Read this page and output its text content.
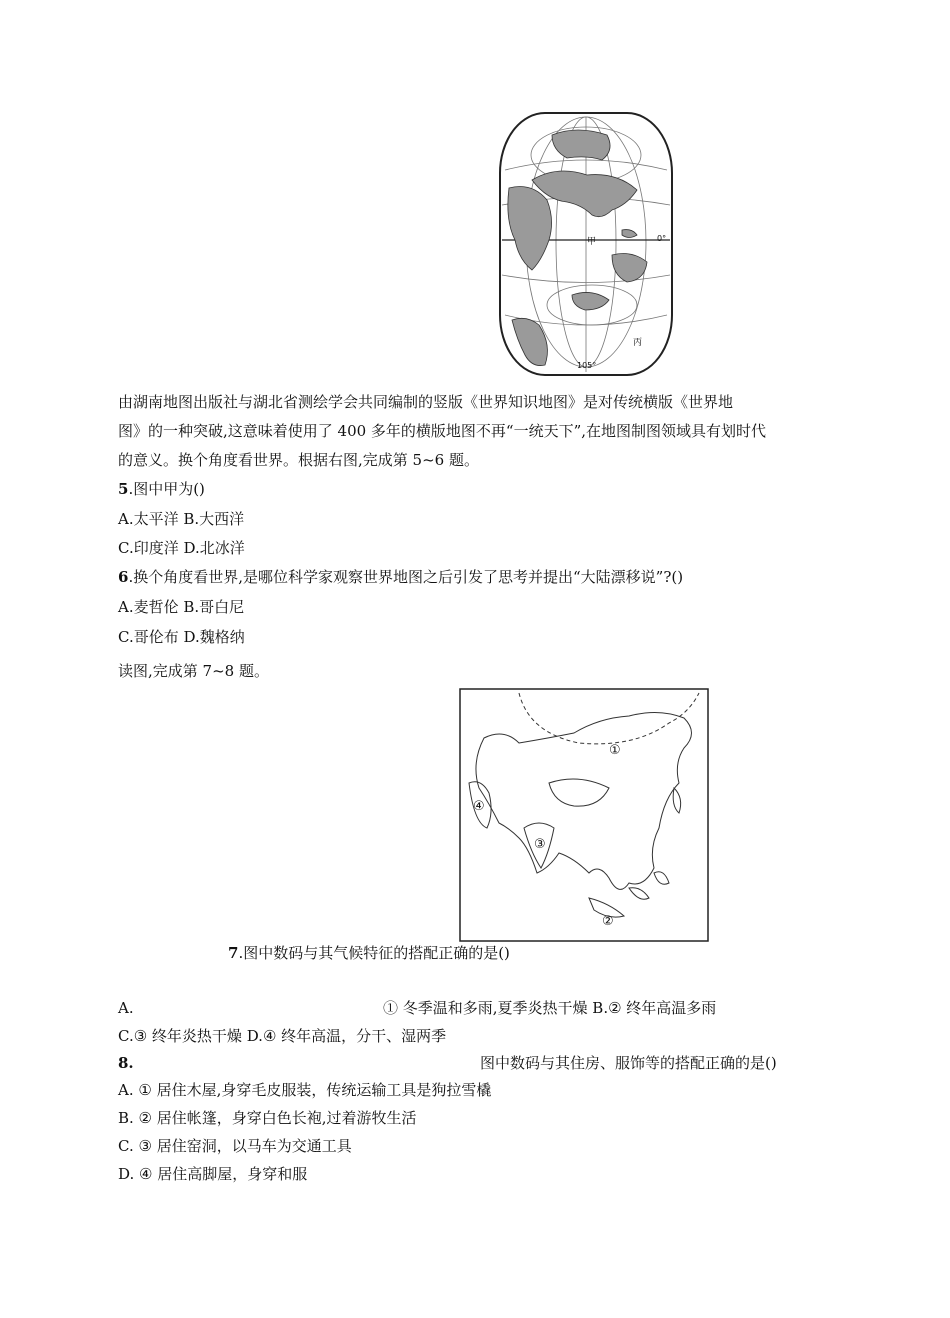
甲
丙
0°
105°
由湖南地图出版社与湖北省测绘学会共同编制的竖版《世界知识地图》是对传统横版《世界地
图》的一种突破,这意味着使用了 400 多年的横版地图不再“一统天下”,在地图制图领域具有划时代
的意义。换个角度看世界。根据右图,完成第 5~6 题。
5.图中甲为()
A.太平洋 B.大西洋
C.印度洋 D.北冰洋
6.换个角度看世界,是哪位科学家观察世界地图之后引发了思考并提出“大陆漂移说”?()
A.麦哲伦 B.哥白尼
C.哥伦布 D.魏格纳
读图,完成第 7~8 题。
①
②
③
④
7.图中数码与其气候特征的搭配正确的是()
A.	① 冬季温和多雨,夏季炎热干燥 B.② 终年高温多雨
C.③ 终年炎热干燥 D.④ 终年高温，分干、湿两季
8.	图中数码与其住房、服饰等的搭配正确的是()
A. ① 居住木屋,身穿毛皮服装，传统运输工具是狗拉雪橇
B. ② 居住帐篷，身穿白色长袍,过着游牧生活
C. ③ 居住窑洞，以马车为交通工具
D. ④ 居住高脚屋，身穿和服
